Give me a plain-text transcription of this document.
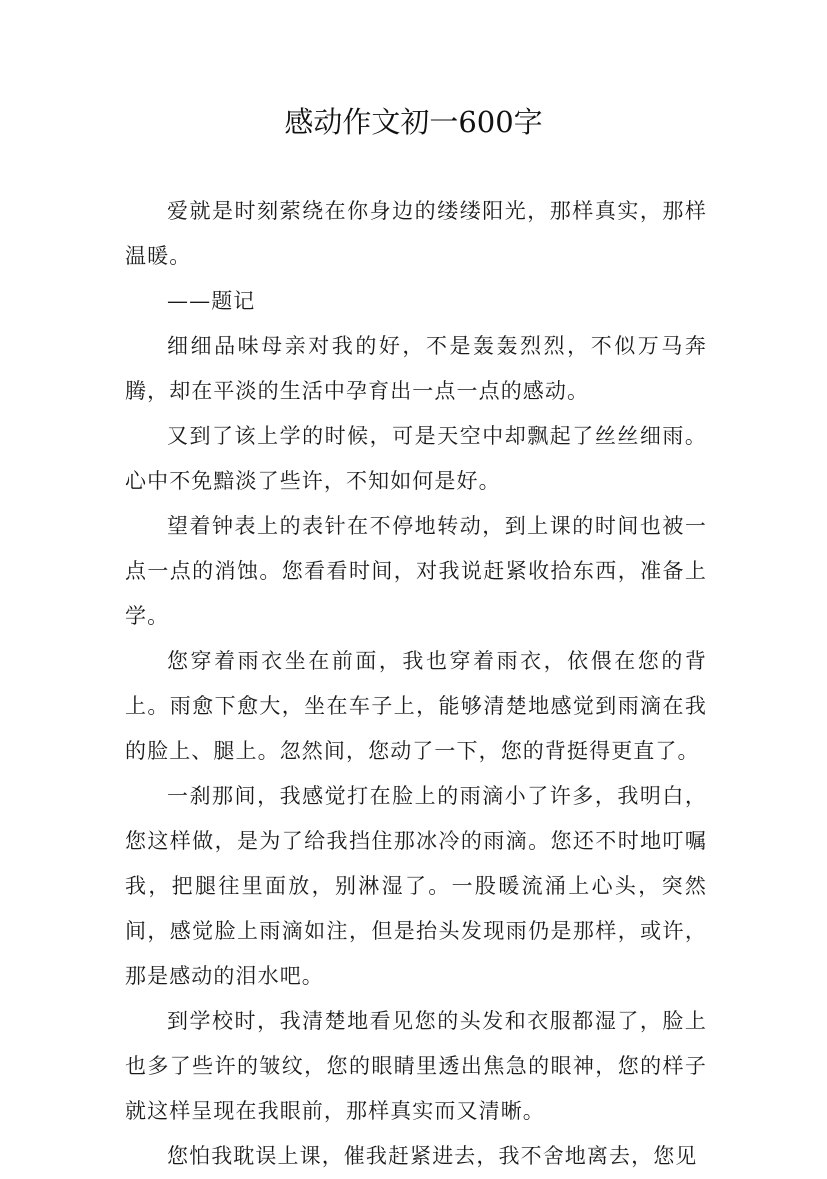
感动作文初一600字

爱就是时刻萦绕在你身边的缕缕阳光，那样真实，那样温暖。

——题记

细细品味母亲对我的好，不是轰轰烈烈，不似万马奔腾，却在平淡的生活中孕育出一点一点的感动。

又到了该上学的时候，可是天空中却飘起了丝丝细雨。心中不免黯淡了些许，不知如何是好。

望着钟表上的表针在不停地转动，到上课的时间也被一点一点的消蚀。您看看时间，对我说赶紧收拾东西，准备上学。

您穿着雨衣坐在前面，我也穿着雨衣，依偎在您的背上。雨愈下愈大，坐在车子上，能够清楚地感觉到雨滴在我的脸上、腿上。忽然间，您动了一下，您的背挺得更直了。

一刹那间，我感觉打在脸上的雨滴小了许多，我明白，您这样做，是为了给我挡住那冰冷的雨滴。您还不时地叮嘱我，把腿往里面放，别淋湿了。一股暖流涌上心头，突然间，感觉脸上雨滴如注，但是抬头发现雨仍是那样，或许，那是感动的泪水吧。

到学校时，我清楚地看见您的头发和衣服都湿了，脸上也多了些许的皱纹，您的眼睛里透出焦急的眼神，您的样子就这样呈现在我眼前，那样真实而又清晰。

您怕我耽误上课，催我赶紧进去，我不舍地离去，您见
